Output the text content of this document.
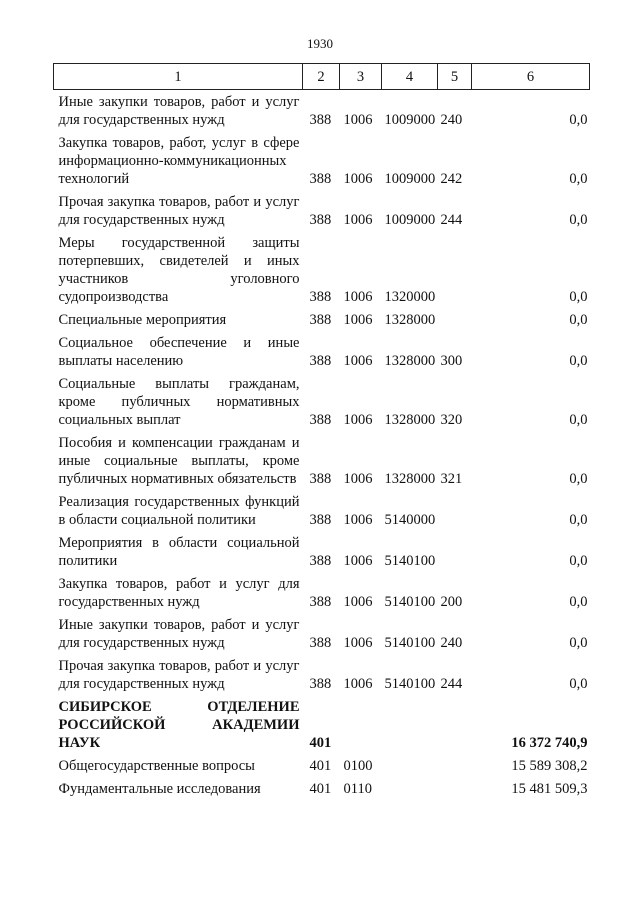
1930
1	2	3	4	5	6
Иные закупки товаров, работ и услуг для государственных нужд	388	1006	1009000	240	0,0
Закупка товаров, работ, услуг в сфере информационно-коммуникационных технологий	388	1006	1009000	242	0,0
Прочая закупка товаров, работ и услуг для государственных нужд	388	1006	1009000	244	0,0
Меры государственной защиты потерпевших, свидетелей и иных участников уголовного судопроизводства	388	1006	1320000		0,0
Специальные мероприятия	388	1006	1328000		0,0
Социальное обеспечение и иные выплаты населению	388	1006	1328000	300	0,0
Социальные выплаты гражданам, кроме публичных нормативных социальных выплат	388	1006	1328000	320	0,0
Пособия и компенсации гражданам и иные социальные выплаты, кроме публичных нормативных обязательств	388	1006	1328000	321	0,0
Реализация государственных функций в области социальной политики	388	1006	5140000		0,0
Мероприятия в области социальной политики	388	1006	5140100		0,0
Закупка товаров, работ и услуг для государственных нужд	388	1006	5140100	200	0,0
Иные закупки товаров, работ и услуг для государственных нужд	388	1006	5140100	240	0,0
Прочая закупка товаров, работ и услуг для государственных нужд	388	1006	5140100	244	0,0
СИБИРСКОЕ ОТДЕЛЕНИЕ РОССИЙСКОЙ АКАДЕМИИ НАУК	401				16 372 740,9
Общегосударственные вопросы	401	0100			15 589 308,2
Фундаментальные исследования	401	0110			15 481 509,3
